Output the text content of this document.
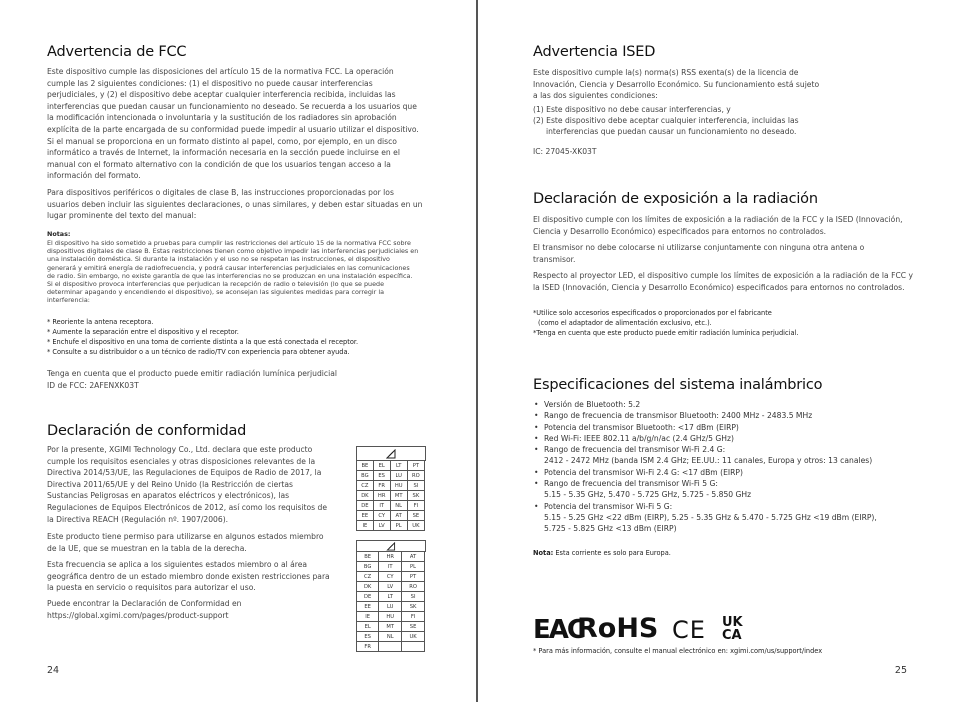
Advertencia de FCC

Este dispositivo cumple las disposiciones del artículo 15 de la normativa FCC. La operación cumple las 2 siguientes condiciones: (1) el dispositivo no puede causar interferencias perjudiciales, y (2) el dispositivo debe aceptar cualquier interferencia recibida, incluidas las interferencias que puedan causar un funcionamiento no deseado. Se recuerda a los usuarios que la modificación intencionada o involuntaria y la sustitución de los radiadores sin aprobación explícita de la parte encargada de su conformidad puede impedir al usuario utilizar el dispositivo. Si el manual se proporciona en un formato distinto al papel, como, por ejemplo, en un disco informático a través de Internet, la información necesaria en la sección puede incluirse en el manual con el formato alternativo con la condición de que los usuarios tengan acceso a la información del formato.

Para dispositivos periféricos o digitales de clase B, las instrucciones proporcionadas por los usuarios deben incluir las siguientes declaraciones, o unas similares, y deben estar situadas en un lugar prominente del texto del manual:

Notas:

El dispositivo ha sido sometido a pruebas para cumplir las restricciones del artículo 15 de la normativa FCC sobre dispositivos digitales de clase B. Estas restricciones tienen como objetivo impedir las interferencias perjudiciales en una instalación doméstica. Si durante la instalación y el uso no se respetan las instrucciones, el dispositivo generará y emitirá energía de radiofrecuencia, y podrá causar interferencias perjudiciales en las comunicaciones de radio. Sin embargo, no existe garantía de que las interferencias no se produzcan en una instalación específica. Si el dispositivo provoca interferencias que perjudican la recepción de radio o televisión (lo que se puede determinar apagando y encendiendo el dispositivo), se aconsejan las siguientes medidas para corregir la interferencia:

* Reoriente la antena receptora.

* Aumente la separación entre el dispositivo y el receptor.

* Enchufe el dispositivo en una toma de corriente distinta a la que está conectada el receptor.

* Consulte a su distribuidor o a un técnico de radio/TV con experiencia para obtener ayuda.

Tenga en cuenta que el producto puede emitir radiación lumínica perjudicial

ID de FCC: 2AFENXK03T

Declaración de conformidad

Por la presente, XGIMI Technology Co., Ltd. declara que este producto cumple los requisitos esenciales y otras disposiciones relevantes de la Directiva 2014/53/UE, las Regulaciones de Equipos de Radio de 2017, la Directiva 2011/65/UE y del Reino Unido (la Restricción de ciertas Sustancias Peligrosas en aparatos eléctricos y electrónicos), las Regulaciones de Equipos Electrónicos de 2012, así como los requisitos de la Directiva REACH (Regulación nº. 1907/2006).

Este producto tiene permiso para utilizarse en algunos estados miembro de la UE, que se muestran en la tabla de la derecha.

Esta frecuencia se aplica a los siguientes estados miembro o al área geográfica dentro de un estado miembro donde existen restricciones para la puesta en servicio o requisitos para autorizar el uso.

Puede encontrar la Declaración de Conformidad en https://global.xgimi.com/pages/product-support

BE	EL	LT	PT
BG	ES	LU	RO
CZ	FR	HU	SI
DK	HR	MT	SK
DE	IT	NL	FI
EE	CY	AT	SE
IE	LV	PL	UK
BE	HR	AT
BG	IT	PL
CZ	CY	PT
DK	LV	RO
DE	LT	SI
EE	LU	SK
IE	HU	FI
EL	MT	SE
ES	NL	UK
FR		
24
Advertencia ISED

Este dispositivo cumple la(s) norma(s) RSS exenta(s) de la licencia de Innovación, Ciencia y Desarrollo Económico. Su funcionamiento está sujeto a las dos siguientes condiciones:

(1) Este dispositivo no debe causar interferencias, y

(2) Este dispositivo debe aceptar cualquier interferencia, incluidas las

interferencias que puedan causar un funcionamiento no deseado.

IC: 27045-XK03T

Declaración de exposición a la radiación

El dispositivo cumple con los límites de exposición a la radiación de la FCC y la ISED (Innovación, Ciencia y Desarrollo Económico) especificados para entornos no controlados.

El transmisor no debe colocarse ni utilizarse conjuntamente con ninguna otra antena o transmisor.

Respecto al proyector LED, el dispositivo cumple los límites de exposición a la radiación de la FCC y la ISED (Innovación, Ciencia y Desarrollo Económico) especificados para entornos no controlados.

*Utilice solo accesorios especificados o proporcionados por el fabricante

(como el adaptador de alimentación exclusivo, etc.).

*Tenga en cuenta que este producto puede emitir radiación lumínica perjudicial.

Especificaciones del sistema inalámbrico
• Versión de Bluetooth: 5.2
• Rango de frecuencia de transmisor Bluetooth: 2400 MHz - 2483.5 MHz
• Potencia del transmisor Bluetooth: <17 dBm (EIRP)
• Red Wi-Fi: IEEE 802.11 a/b/g/n/ac (2.4 GHz/5 GHz)
• Rango de frecuencia del transmisor Wi-Fi 2.4 G:
2412 - 2472 MHz (banda ISM 2.4 GHz; EE.UU.: 11 canales, Europa y otros: 13 canales)
• Potencia del transmisor Wi-Fi 2.4 G: <17 dBm (EIRP)
• Rango de frecuencia del transmisor Wi-Fi 5 G:
5.15 - 5.35 GHz, 5.470 - 5.725 GHz, 5.725 - 5.850 GHz
• Potencia del transmisor Wi-Fi 5 G:
5.15 - 5.25 GHz <22 dBm (EIRP), 5.25 - 5.35 GHz & 5.470 - 5.725 GHz <19 dBm (EIRP),
5.725 - 5.825 GHz <13 dBm (EIRP)

Nota: Esta corriente es solo para Europa.

EAC
RoHS CE UK
CA

* Para más información, consulte el manual electrónico en: xgimi.com/us/support/index

25
